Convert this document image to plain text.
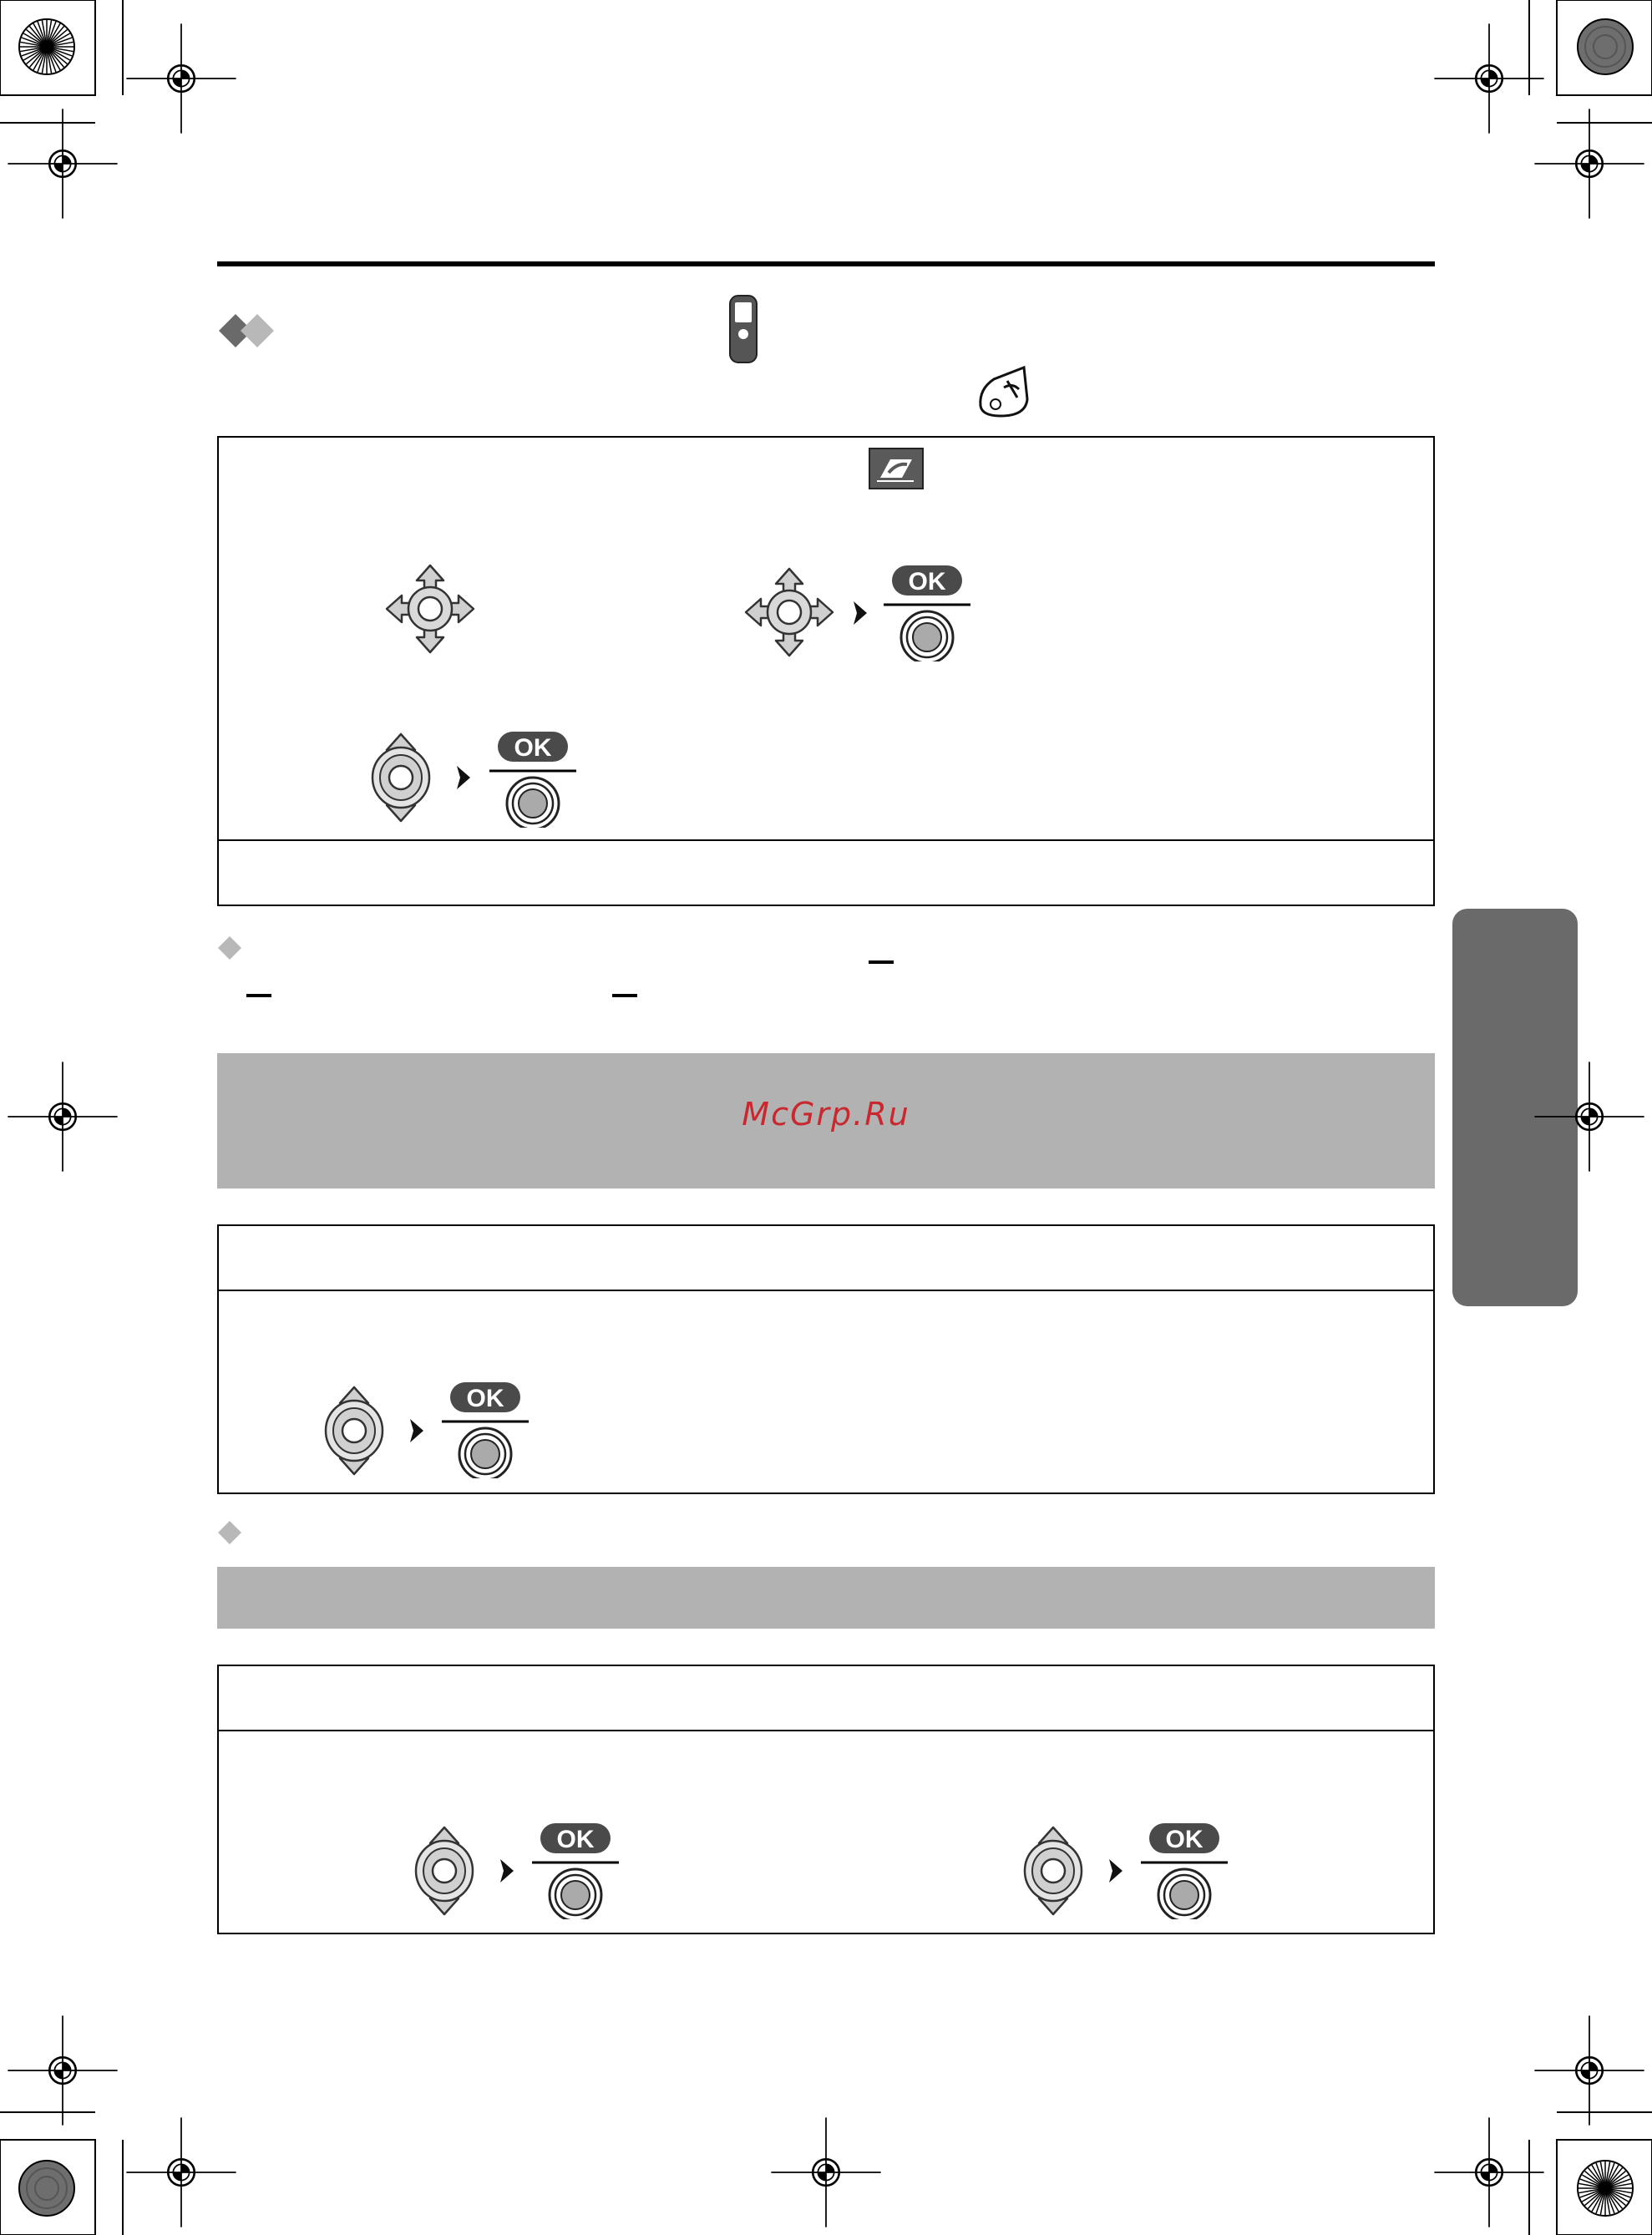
OK
OK
McGrp.Ru
OK
OK	OK
